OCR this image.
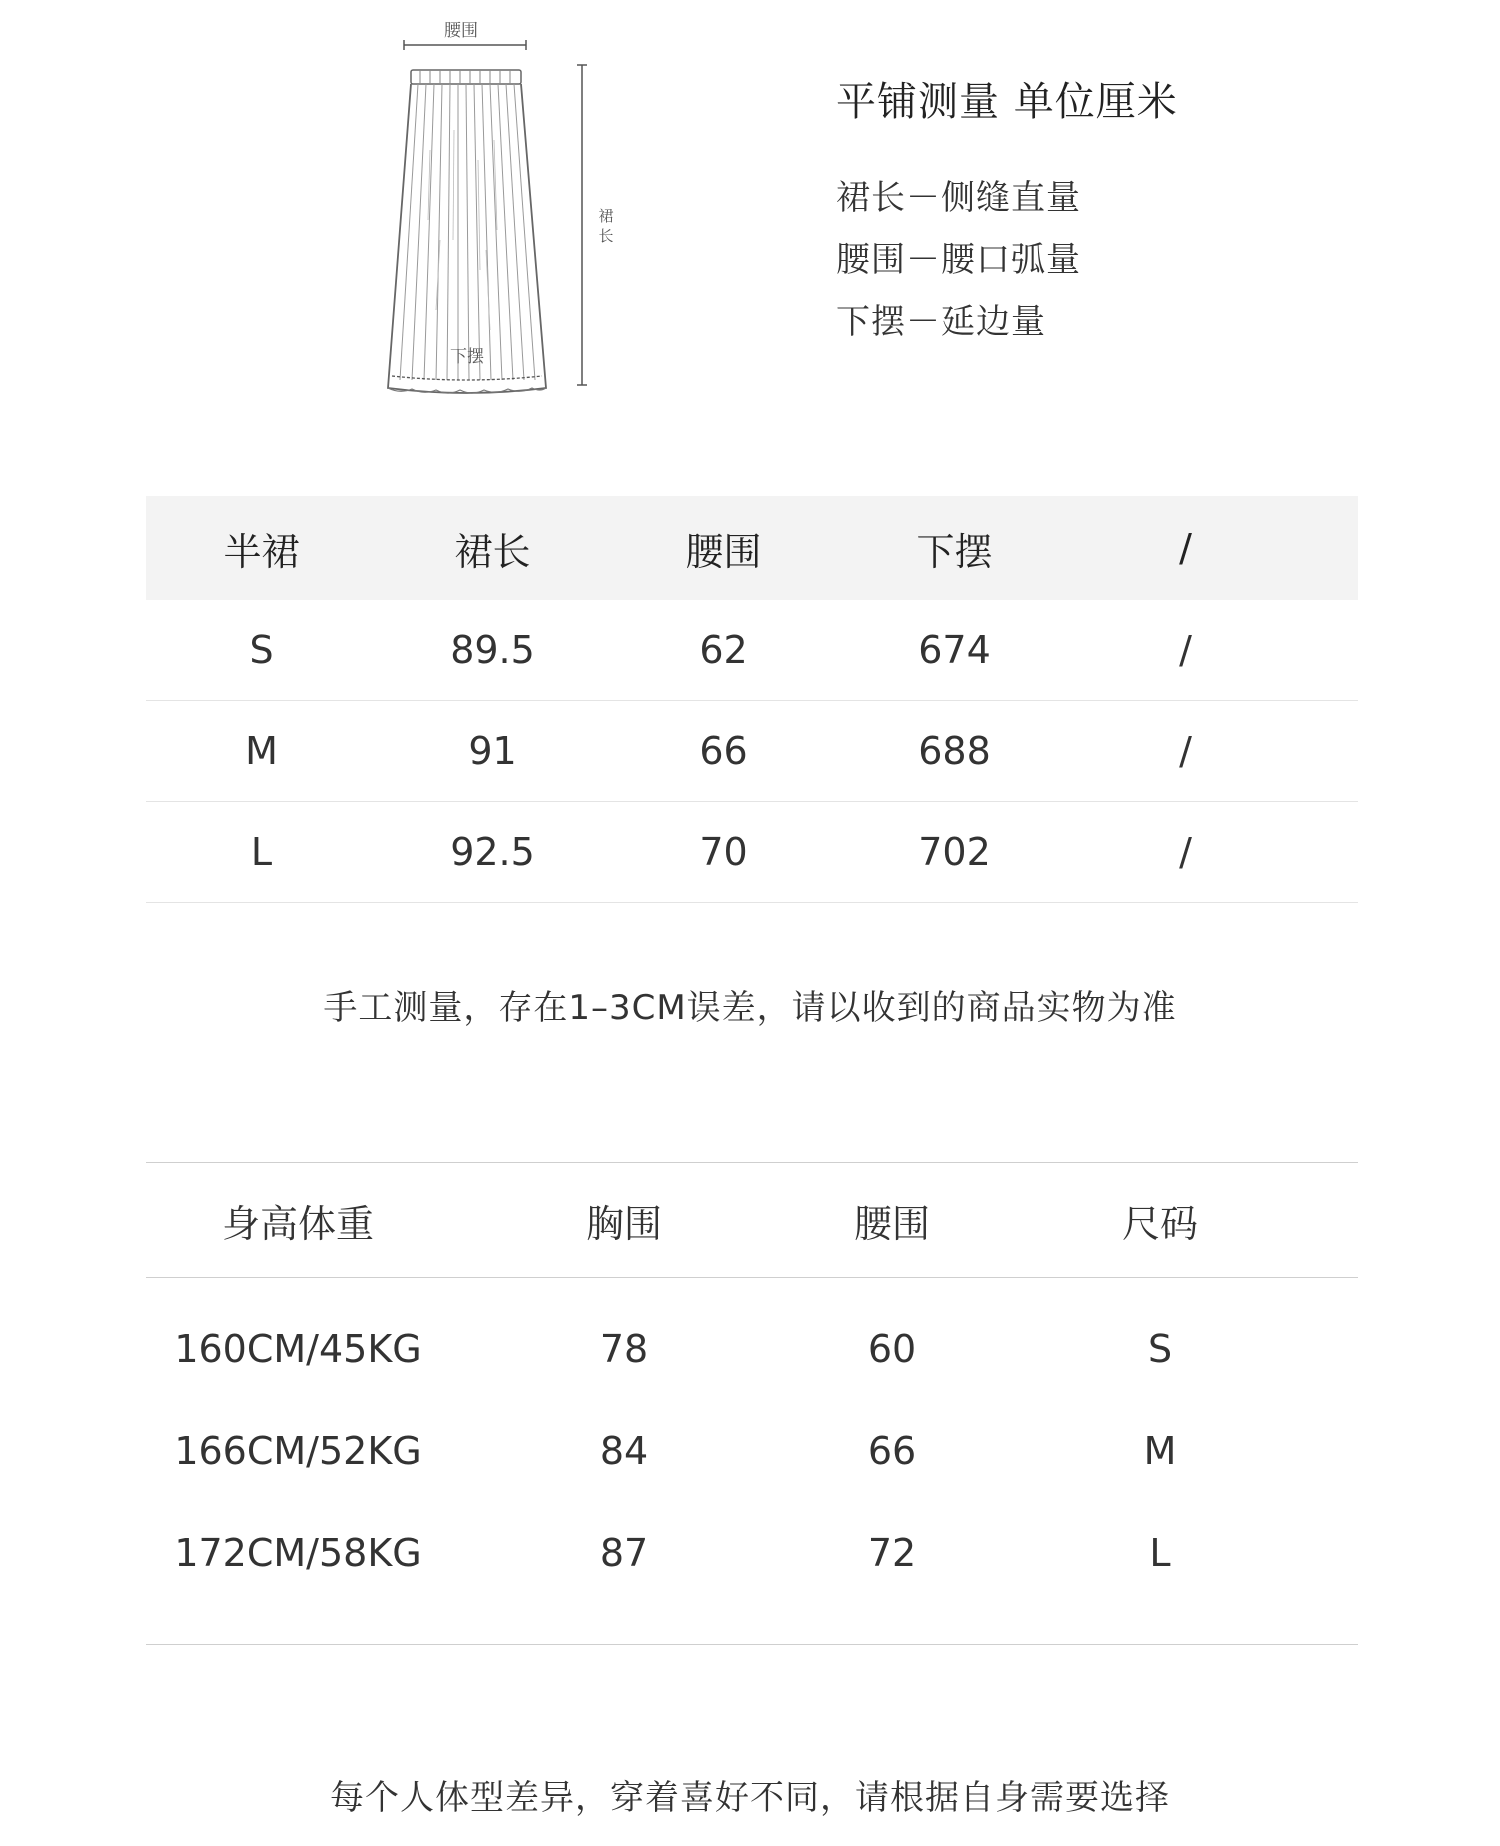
腰围
裙长
下摆
平铺测量 单位厘米
裙长－侧缝直量
腰围－腰口弧量
下摆－延边量
半裙	裙长	腰围	下摆	/
S	89.5	62	674	/
M	91	66	688	/
L	92.5	70	702	/
手工测量，存在1–3CM误差，请以收到的商品实物为准
身高体重	胸围	腰围	尺码
160CM/45KG	78	60	S
166CM/52KG	84	66	M
172CM/58KG	87	72	L
每个人体型差异，穿着喜好不同，请根据自身需要选择
